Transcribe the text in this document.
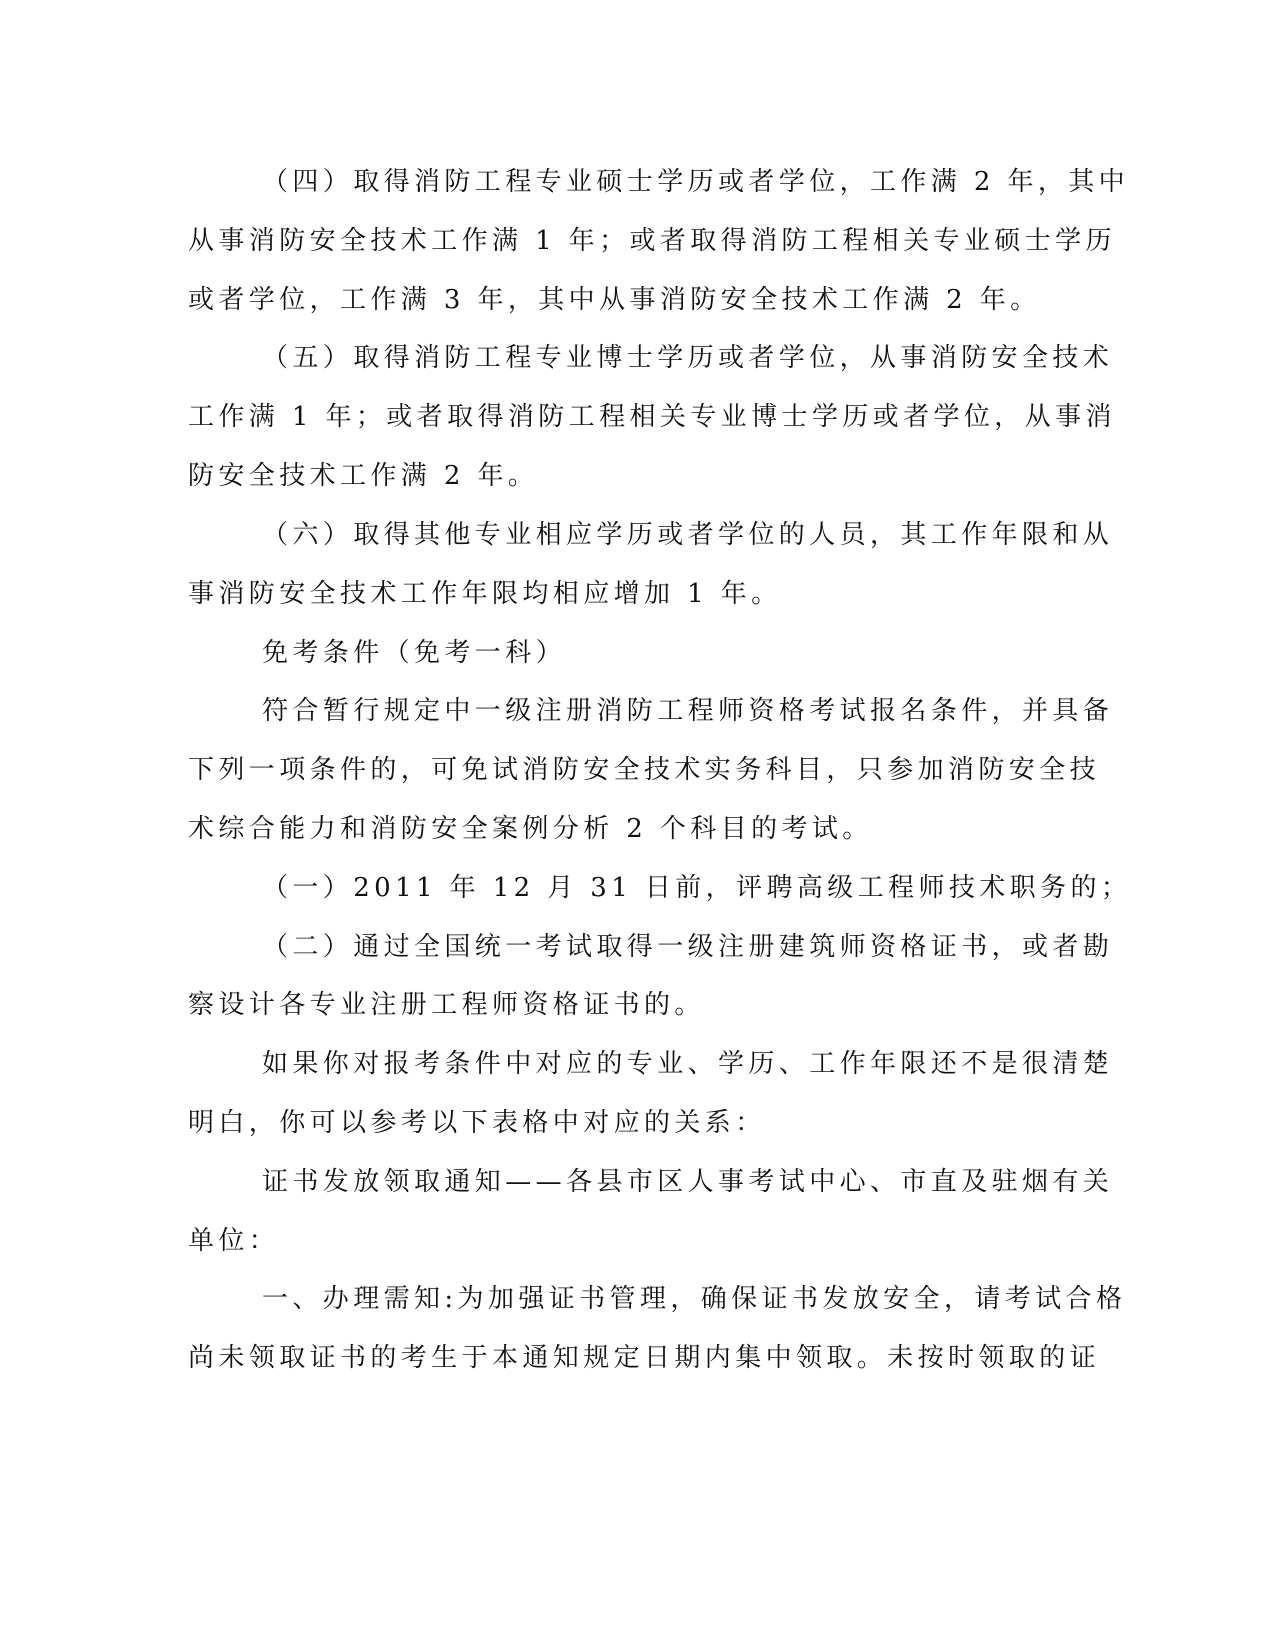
（四）取得消防工程专业硕士学历或者学位，工作满 2 年，其中

从事消防安全技术工作满 1 年；或者取得消防工程相关专业硕士学历

或者学位，工作满 3 年，其中从事消防安全技术工作满 2 年。

（五）取得消防工程专业博士学历或者学位，从事消防安全技术

工作满 1 年；或者取得消防工程相关专业博士学历或者学位，从事消

防安全技术工作满 2 年。

（六）取得其他专业相应学历或者学位的人员，其工作年限和从

事消防安全技术工作年限均相应增加 1 年。

免考条件（免考一科）

符合暂行规定中一级注册消防工程师资格考试报名条件，并具备

下列一项条件的，可免试消防安全技术实务科目，只参加消防安全技

术综合能力和消防安全案例分析 2 个科目的考试。

（一）2011 年 12 月 31 日前，评聘高级工程师技术职务的；

（二）通过全国统一考试取得一级注册建筑师资格证书，或者勘

察设计各专业注册工程师资格证书的。

如果你对报考条件中对应的专业、学历、工作年限还不是很清楚

明白，你可以参考以下表格中对应的关系：

证书发放领取通知——各县市区人事考试中心、市直及驻烟有关

单位：

一、办理需知:为加强证书管理，确保证书发放安全，请考试合格

尚未领取证书的考生于本通知规定日期内集中领取。未按时领取的证
